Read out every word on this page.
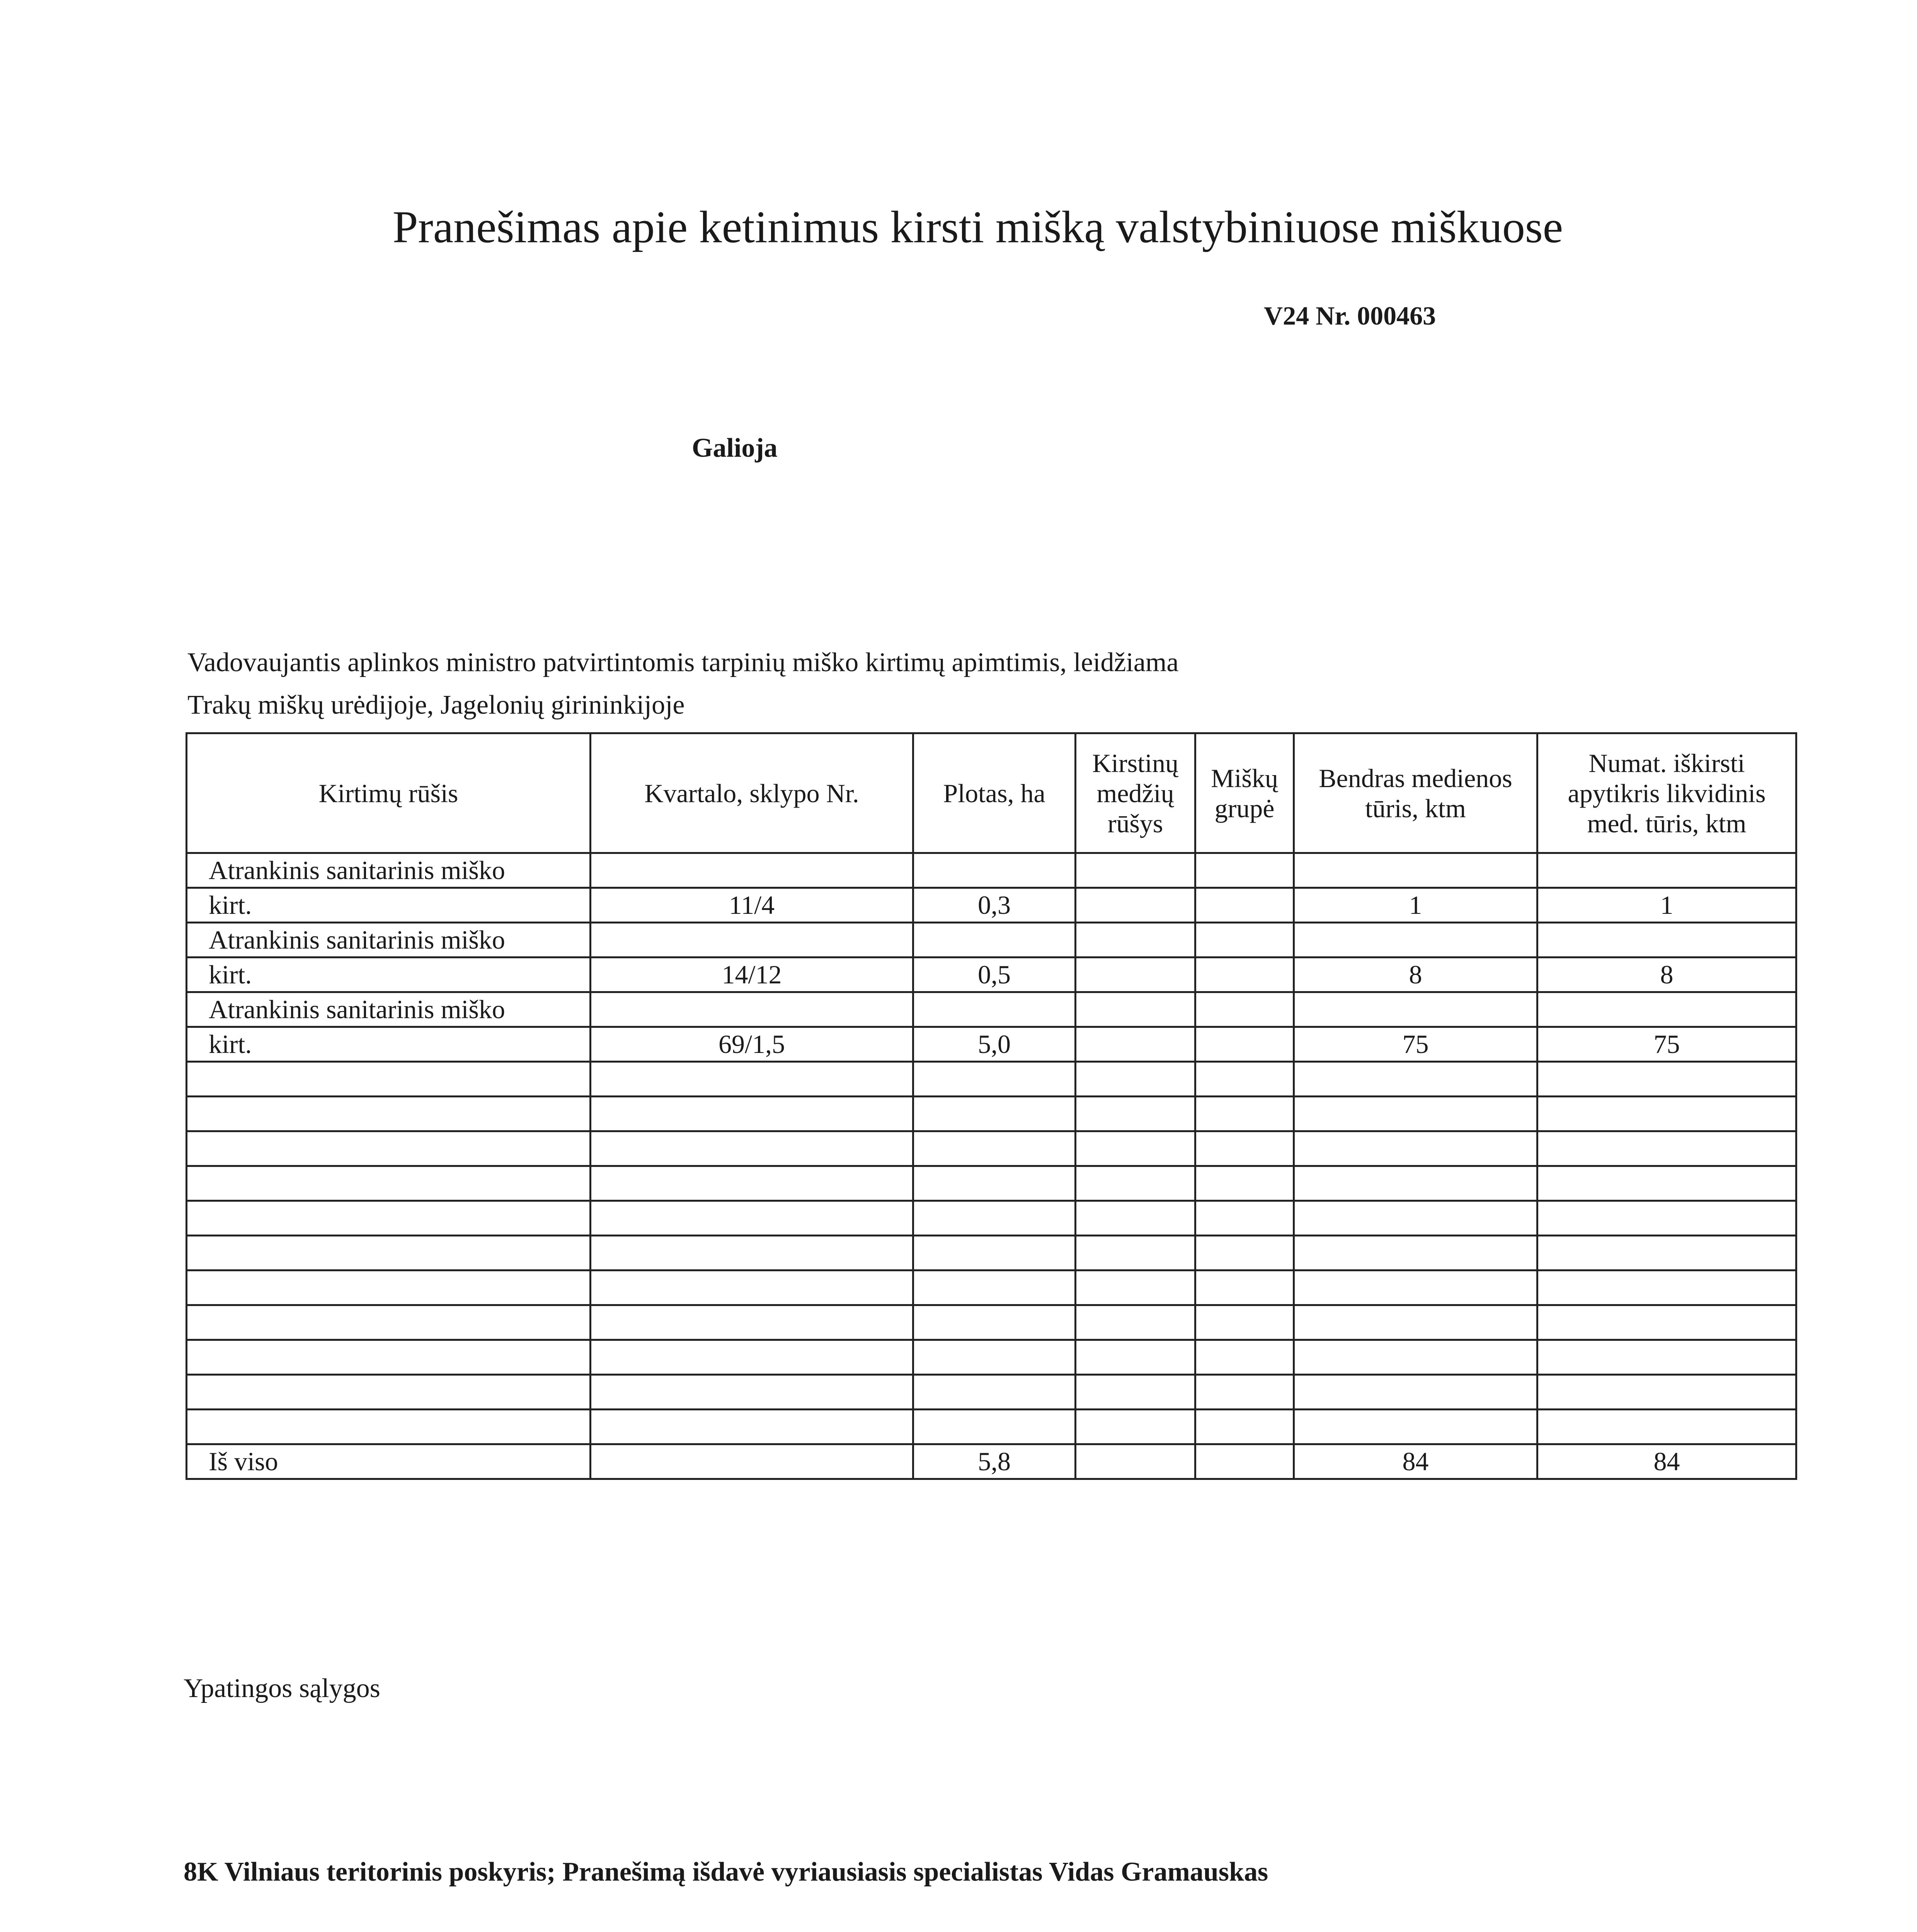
Pranešimas apie ketinimus kirsti mišką valstybiniuose miškuose
V24 Nr. 000463
Galioja
Vadovaujantis aplinkos ministro patvirtintomis tarpinių miško kirtimų apimtimis, leidžiama
Trakų miškų urėdijoje, Jagelonių girininkijoje
Kirtimų rūšis	Kvartalo, sklypo Nr.	Plotas, ha	Kirstinų medžių rūšys	Miškų grupė	Bendras medienos tūris, ktm	Numat. iškirsti apytikris likvidinis med. tūris, ktm
Atrankinis sanitarinis miško						
kirt.	11/4	0,3			1	1
Atrankinis sanitarinis miško						
kirt.	14/12	0,5			8	8
Atrankinis sanitarinis miško						
kirt.	69/1,5	5,0			75	75

Iš viso		5,8			84	84
Ypatingos sąlygos
8K Vilniaus teritorinis poskyris; Pranešimą išdavė vyriausiasis specialistas Vidas Gramauskas
